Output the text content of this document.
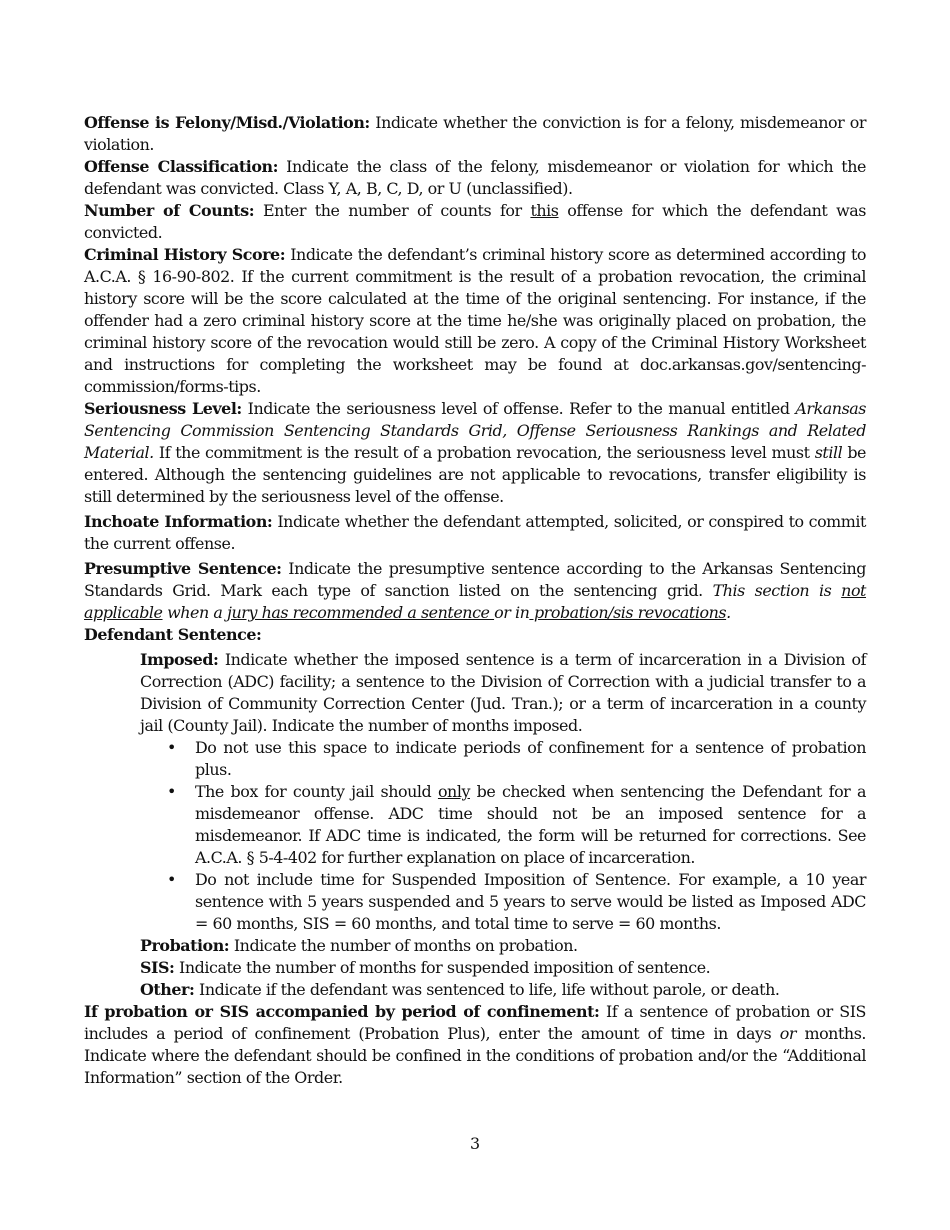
Offense is Felony/Misd./Violation: Indicate whether the conviction is for a felony, misdemeanor or violation.

Offense Classification: Indicate the class of the felony, misdemeanor or violation for which the defendant was convicted. Class Y, A, B, C, D, or U (unclassified).

Number of Counts: Enter the number of counts for this offense for which the defendant was convicted.

Criminal History Score: Indicate the defendant’s criminal history score as determined according to A.C.A. § 16-90-802. If the current commitment is the result of a probation revocation, the criminal history score will be the score calculated at the time of the original sentencing. For instance, if the offender had a zero criminal history score at the time he/she was originally placed on probation, the criminal history score of the revocation would still be zero. A copy of the Criminal History Worksheet and instructions for completing the worksheet may be found at doc.arkansas.gov/sentencing-commission/forms-tips.

Seriousness Level: Indicate the seriousness level of offense. Refer to the manual entitled Arkansas Sentencing Commission Sentencing Standards Grid, Offense Seriousness Rankings and Related Material. If the commitment is the result of a probation revocation, the seriousness level must still be entered. Although the sentencing guidelines are not applicable to revocations, transfer eligibility is still determined by the seriousness level of the offense.

Inchoate Information: Indicate whether the defendant attempted, solicited, or conspired to commit the current offense.

Presumptive Sentence: Indicate the presumptive sentence according to the Arkansas Sentencing Standards Grid. Mark each type of sanction listed on the sentencing grid. This section is not applicable when a jury has recommended a sentence or in probation/sis revocations.

Defendant Sentence:

Imposed: Indicate whether the imposed sentence is a term of incarceration in a Division of Correction (ADC) facility; a sentence to the Division of Correction with a judicial transfer to a Division of Community Correction Center (Jud. Tran.); or a term of incarceration in a county jail (County Jail). Indicate the number of months imposed.

• Do not use this space to indicate periods of confinement for a sentence of probation plus.
• The box for county jail should only be checked when sentencing the Defendant for a misdemeanor offense. ADC time should not be an imposed sentence for a misdemeanor. If ADC time is indicated, the form will be returned for corrections. See A.C.A. § 5-4-402 for further explanation on place of incarceration.
• Do not include time for Suspended Imposition of Sentence. For example, a 10 year sentence with 5 years suspended and 5 years to serve would be listed as Imposed ADC = 60 months, SIS = 60 months, and total time to serve = 60 months.

Probation: Indicate the number of months on probation.

SIS: Indicate the number of months for suspended imposition of sentence.

Other: Indicate if the defendant was sentenced to life, life without parole, or death.

If probation or SIS accompanied by period of confinement: If a sentence of probation or SIS includes a period of confinement (Probation Plus), enter the amount of time in days or months. Indicate where the defendant should be confined in the conditions of probation and/or the “Additional Information” section of the Order.

3
